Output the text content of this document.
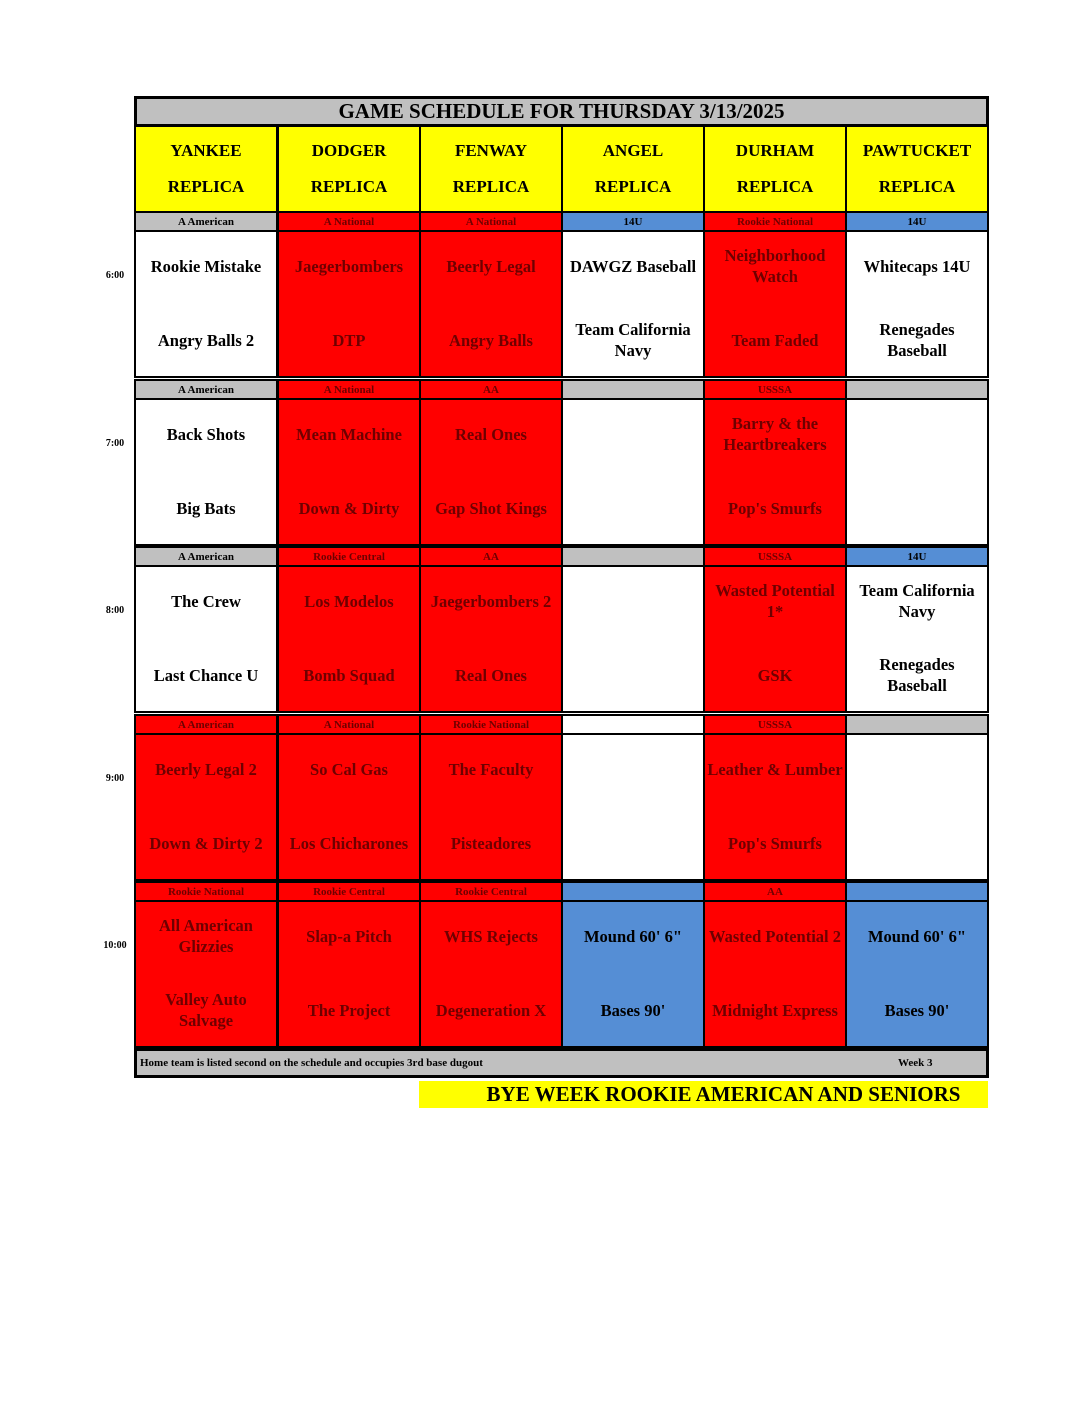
GAME SCHEDULE FOR THURSDAY 3/13/2025
YANKEE
REPLICA
DODGER
REPLICA
FENWAY
REPLICA
ANGEL
REPLICA
DURHAM
REPLICA
PAWTUCKET
REPLICA
A American
Rookie Mistake
Angry Balls 2
A National
Jaegerbombers
DTP
A National
Beerly Legal
Angry Balls
14U
DAWGZ Baseball
Team California Navy
Rookie National
Neighborhood Watch
Team Faded
14U
Whitecaps 14U
Renegades Baseball
A American
Back Shots
Big Bats
A National
Mean Machine
Down & Dirty
AA
Real Ones
Gap Shot Kings
USSSA
Barry & the Heartbreakers
Pop's Smurfs
A American
The Crew
Last Chance U
Rookie Central
Los Modelos
Bomb Squad
AA
Jaegerbombers 2
Real Ones
USSSA
Wasted Potential 1*
GSK
14U
Team California Navy
Renegades Baseball
A American
Beerly Legal 2
Down & Dirty 2
A National
So Cal Gas
Los Chicharones
Rookie National
The Faculty
Pisteadores
USSSA
Leather & Lumber
Pop's Smurfs
Rookie National
All American Glizzies
Valley Auto Salvage
Rookie Central
Slap-a Pitch
The Project
Rookie Central
WHS Rejects
Degeneration X
Mound 60' 6"
Bases 90'
AA
Wasted Potential 2
Midnight Express
Mound 60' 6"
Bases 90'
Home team is listed second on the schedule and occupies 3rd base dugout	Week 3
6:00
7:00
8:00
9:00
10:00
BYE WEEK ROOKIE AMERICAN AND SENIORS
